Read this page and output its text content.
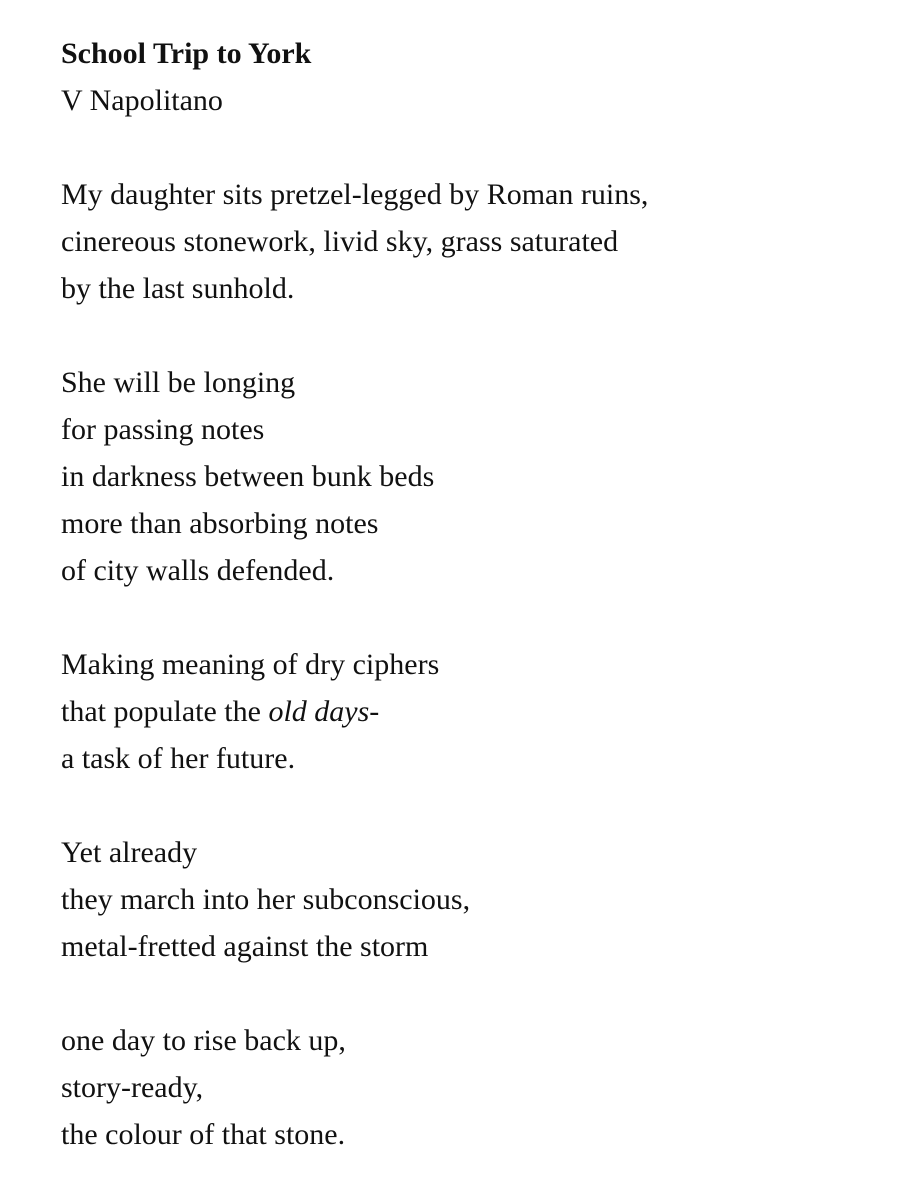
School Trip to York
V Napolitano
My daughter sits pretzel-legged by Roman ruins,
cinereous stonework, livid sky, grass saturated
by the last sunhold.
She will be longing
for passing notes
in darkness between bunk beds
more than absorbing notes
of city walls defended.
Making meaning of dry ciphers
that populate the old days-
a task of her future.
Yet already
they march into her subconscious,
metal-fretted against the storm
one day to rise back up,
story-ready,
the colour of that stone.
